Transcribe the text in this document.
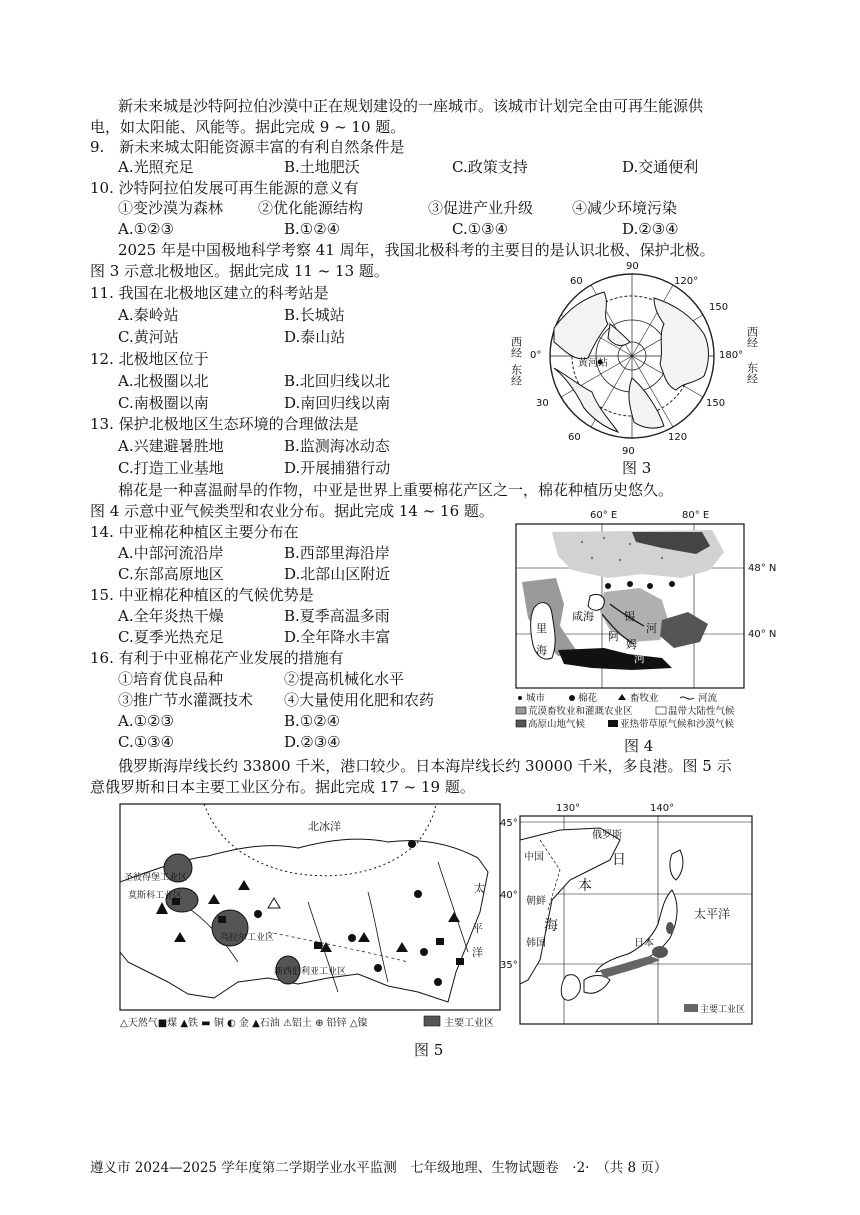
新未来城是沙特阿拉伯沙漠中正在规划建设的一座城市。该城市计划完全由可再生能源供
电，如太阳能、风能等。据此完成 9 ~ 10 题。
9.　新未来城太阳能资源丰富的有利自然条件是
A.光照充足	B.土地肥沃	C.政策支持	D.交通便利
10. 沙特阿拉伯发展可再生能源的意义有
①变沙漠为森林 ②优化能源结构	③促进产业升级	④减少环境污染
A.①②③	B.①②④	C.①③④	D.②③④
2025 年是中国极地科学考察 41 周年，我国北极科考的主要目的是认识北极、保护北极。
图 3 示意北极地区。据此完成 11 ~ 13 题。
11. 我国在北极地区建立的科考站是
A.秦岭站	B.长城站
C.黄河站	D.泰山站
12. 北极地区位于
A.北极圈以北	B.北回归线以北
C.南极圈以南	D.南回归线以南
13. 保护北极地区生态环境的合理做法是
A.兴建避暑胜地	B.监测海冰动态
C.打造工业基地	D.开展捕猎行动
90
60	120°
150
0°	180°
30
60
90
120
150
黄河站
西经
东经
西经
东经
图 3
棉花是一种喜温耐旱的作物，中亚是世界上重要棉花产区之一，棉花种植历史悠久。
图 4 示意中亚气候类型和农业分布。据此完成 14 ~ 16 题。
14. 中亚棉花种植区主要分布在
A.中部河流沿岸	B.西部里海沿岸
C.东部高原地区	D.北部山区附近
15. 中亚棉花种植区的气候优势是
A.全年炎热干燥	B.夏季高温多雨
C.夏季光热充足	D.全年降水丰富
16. 有利于中亚棉花产业发展的措施有
①培育优良品种	②提高机械化水平
③推广节水灌溉技术 ④大量使用化肥和农药
A.①②③	B.①②④
C.①③④	D.②③④
60° E	80° E
48° N
40° N
咸海	锡
河
阿
姆
河
里
海
城市	棉花	畜牧业	河流
荒漠畜牧业和灌溉农业区	温带大陆性气候
高原山地气候	亚热带草原气候和沙漠气候
图 4
俄罗斯海岸线长约 33800 千米，港口较少。日本海岸线长约 30000 千米，多良港。图 5 示
意俄罗斯和日本主要工业区分布。据此完成 17 ~ 19 题。
北冰洋
太
平
洋
圣彼得堡工业区
莫斯科工业区
乌拉尔工业区
新西伯利亚工业区
△天然气■煤 ▲铁 ▬ 铜 ◐ 金 ▲石油 ⚠铝土 ⊕ 铅锌 △镍	主要工业区
130°	140°
45°
40°
35°
俄罗斯
中国
朝鲜
韩国	日本
日
本
海
太平洋
主要工业区
图 5
遵义市 2024—2025 学年度第二学期学业水平监测　七年级地理、生物试题卷　·2·　（共 8 页）
